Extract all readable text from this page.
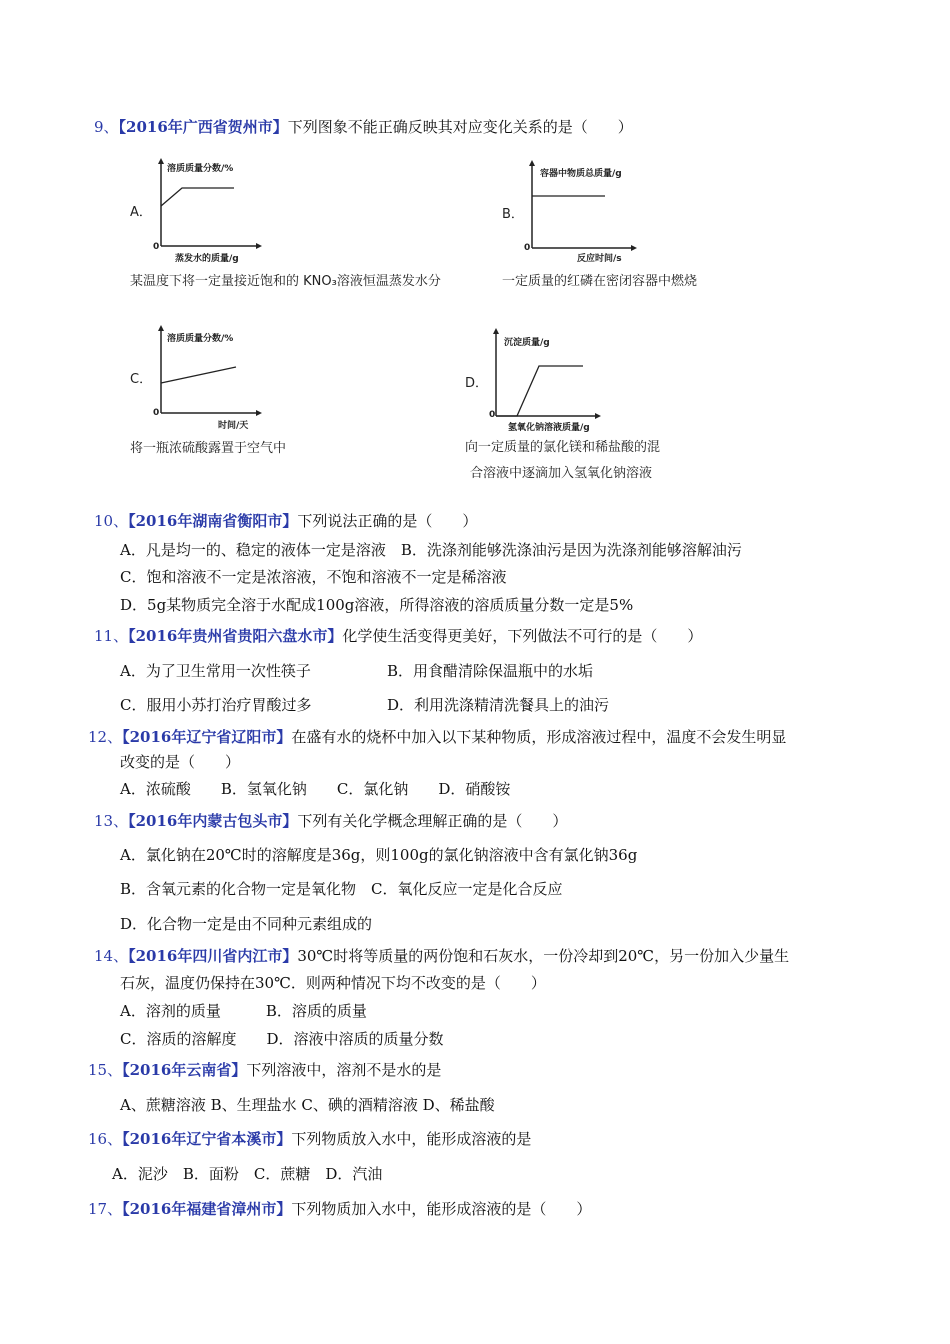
9、【2016年广西省贺州市】下列图象不能正确反映其对应变化关系的是（　　）
A．
溶质质量分数/%
0
蒸发水的质量/g
某温度下将一定量接近饱和的 KNO₃溶液恒温蒸发水分
B．
容器中物质总质量/g
0
反应时间/s
一定质量的红磷在密闭容器中燃烧
C．
溶质质量分数/%
0
时间/天
将一瓶浓硫酸露置于空气中
D．
沉淀质量/g
0
氢氧化钠溶液质量/g
向一定质量的氯化镁和稀盐酸的混
合溶液中逐滴加入氢氧化钠溶液
10、【2016年湖南省衡阳市】下列说法正确的是（　　）
A．凡是均一的、稳定的液体一定是溶液　B．洗涤剂能够洗涤油污是因为洗涤剂能够溶解油污
C．饱和溶液不一定是浓溶液，不饱和溶液不一定是稀溶液
D．5g某物质完全溶于水配成100g溶液，所得溶液的溶质质量分数一定是5%
11、【2016年贵州省贵阳六盘水市】化学使生活变得更美好，下列做法不可行的是（　　）
A．为了卫生常用一次性筷子	B．用食醋清除保温瓶中的水垢
C．服用小苏打治疗胃酸过多	D．利用洗涤精清洗餐具上的油污
12、【2016年辽宁省辽阳市】在盛有水的烧杯中加入以下某种物质，形成溶液过程中，温度不会发生明显
改变的是（　　）
A．浓硫酸　　B．氢氧化钠　　C．氯化钠　　D．硝酸铵
13、【2016年内蒙古包头市】下列有关化学概念理解正确的是（　　）
A．氯化钠在20℃时的溶解度是36g，则100g的氯化钠溶液中含有氯化钠36g
B．含氧元素的化合物一定是氧化物　C．氧化反应一定是化合反应
D．化合物一定是由不同种元素组成的
14、【2016年四川省内江市】30℃时将等质量的两份饱和石灰水，一份冷却到20℃，另一份加入少量生
石灰，温度仍保持在30℃．则两种情况下均不改变的是（　　）
A．溶剂的质量　　　B．溶质的质量
C．溶质的溶解度　　D．溶液中溶质的质量分数
15、【2016年云南省】下列溶液中，溶剂不是水的是
A、蔗糖溶液 B、生理盐水 C、碘的酒精溶液 D、稀盐酸
16、【2016年辽宁省本溪市】下列物质放入水中，能形成溶液的是
A．泥沙　B．面粉　C．蔗糖　D．汽油
17、【2016年福建省漳州市】下列物质加入水中，能形成溶液的是（　　）
